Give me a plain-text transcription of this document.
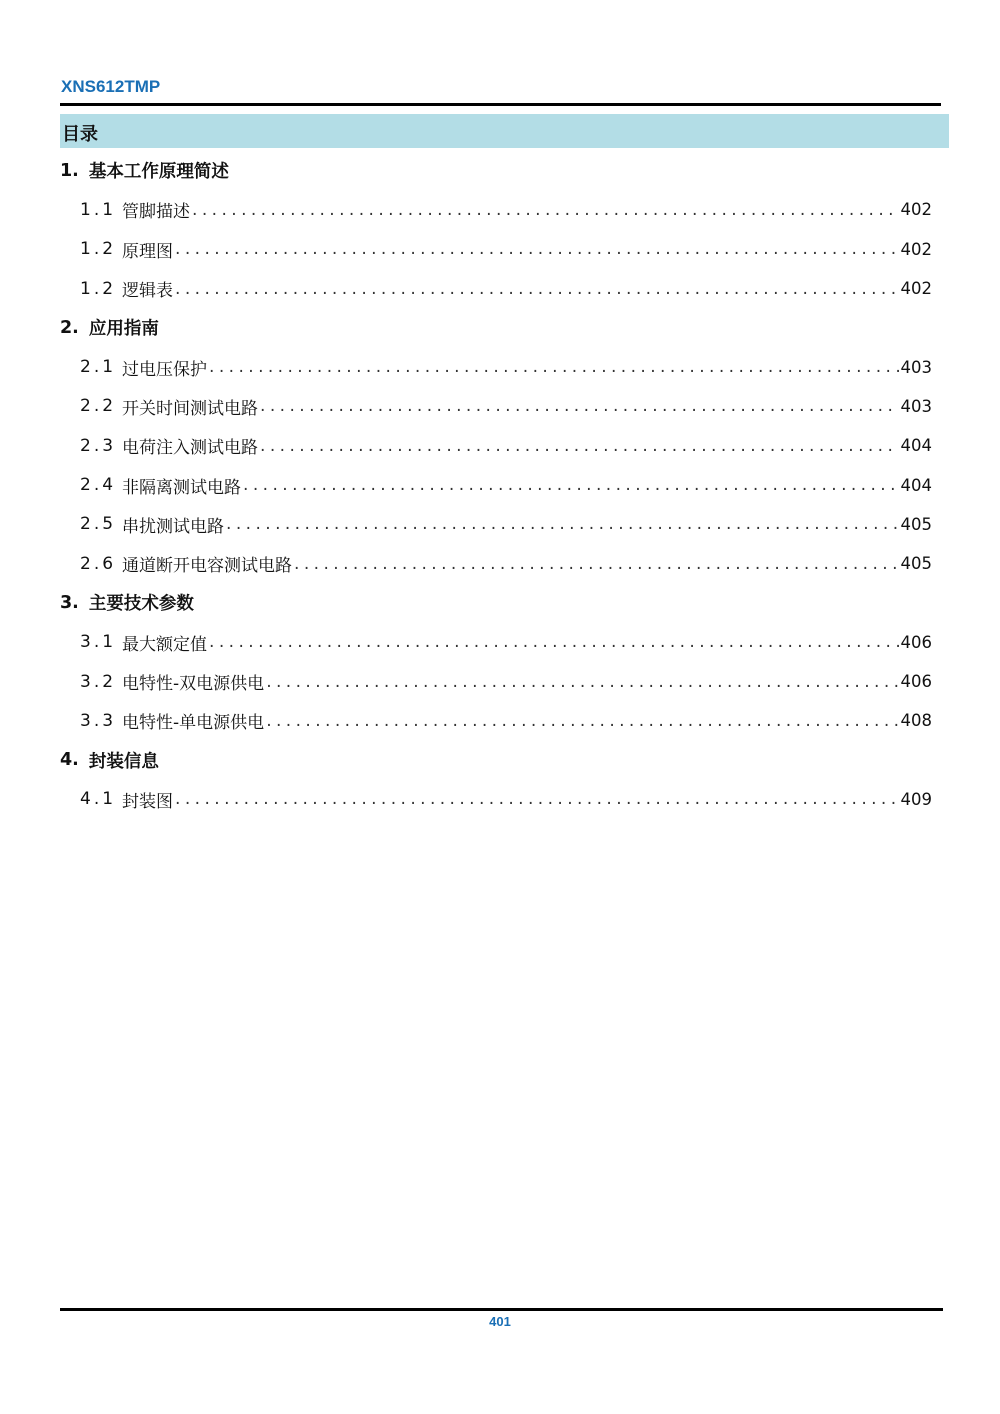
XNS612TMP
目录
1. 基本工作原理简述
1.1 管脚描述 .....	402
1.2 原理图 .....	402
1.2 逻辑表 .....	402
2. 应用指南
2.1 过电压保护 .....	403
2.2 开关时间测试电路 .....	403
2.3 电荷注入测试电路 .....	404
2.4 非隔离测试电路 .....	404
2.5 串扰测试电路 .....	405
2.6 通道断开电容测试电路 .....	405
3. 主要技术参数
3.1 最大额定值 .....	406
3.2 电特性-双电源供电 .....	406
3.3 电特性-单电源供电 .....	408
4. 封装信息
4.1 封装图 .....	409
401
